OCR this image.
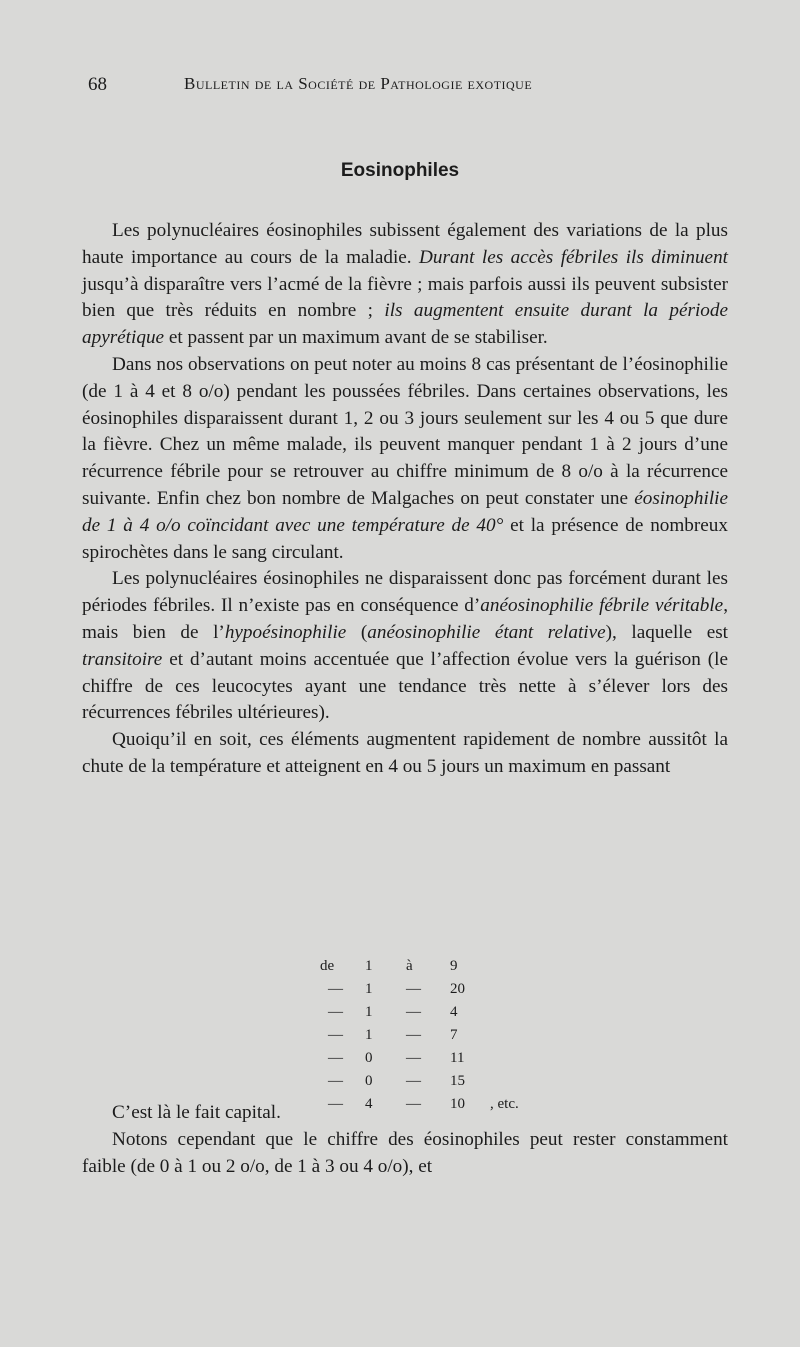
68	Bulletin de la Société de Pathologie exotique
Eosinophiles

Les polynucléaires éosinophiles subissent également des variations de la plus haute importance au cours de la maladie. Durant les accès fébriles ils diminuent jusqu’à disparaître vers l’acmé de la fièvre ; mais parfois aussi ils peuvent subsister bien que très réduits en nombre ; ils augmentent ensuite durant la période apyrétique et passent par un maximum avant de se stabiliser.

Dans nos observations on peut noter au moins 8 cas présentant de l’éosinophilie (de 1 à 4 et 8 o/o) pendant les poussées fébriles. Dans certaines observations, les éosinophiles disparaissent durant 1, 2 ou 3 jours seulement sur les 4 ou 5 que dure la fièvre. Chez un même malade, ils peuvent manquer pendant 1 à 2 jours d’une récurrence fébrile pour se retrouver au chiffre minimum de 8 o/o à la récurrence suivante. Enfin chez bon nombre de Malgaches on peut constater une éosinophilie de 1 à 4 o/o coïncidant avec une température de 40° et la présence de nombreux spirochètes dans le sang circulant.

Les polynucléaires éosinophiles ne disparaissent donc pas forcément durant les périodes fébriles. Il n’existe pas en conséquence d’anéosinophilie fébrile véritable, mais bien de l’hypoésinophilie (anéosinophilie étant relative), laquelle est transitoire et d’autant moins accentuée que l’affection évolue vers la guérison (le chiffre de ces leucocytes ayant une tendance très nette à s’élever lors des récurrences fébriles ultérieures).

Quoiqu’il en soit, ces éléments augmentent rapidement de nombre aussitôt la chute de la température et atteignent en 4 ou 5 jours un maximum en passant

de 1 à 9
— 1 — 20
— 1 — 4
— 1 — 7
— 0 — 11
— 0 — 15
— 4 — 10 , etc.

C’est là le fait capital.

Notons cependant que le chiffre des éosinophiles peut rester constamment faible (de 0 à 1 ou 2 o/o, de 1 à 3 ou 4 o/o), et
